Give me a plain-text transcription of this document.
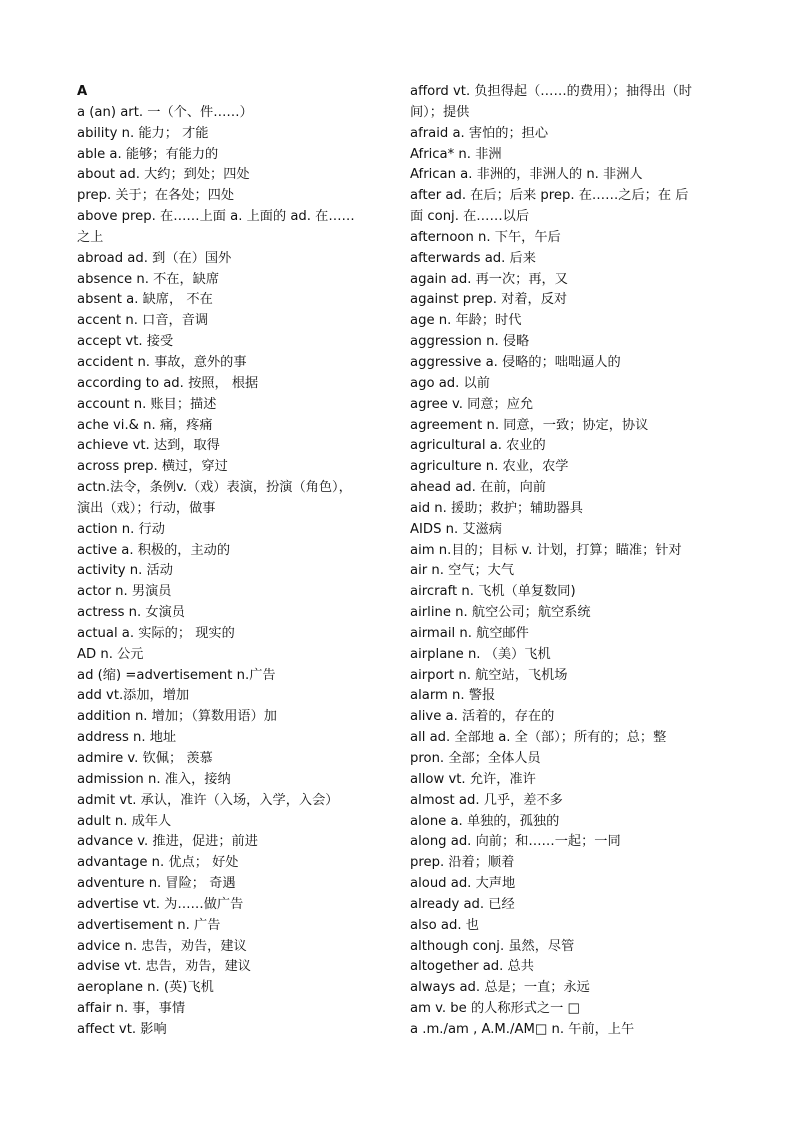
A
a (an) art. 一（个、件……）
ability n. 能力； 才能
able a. 能够；有能力的
about ad. 大约；到处；四处
prep. 关于；在各处；四处
above prep. 在……上面 a. 上面的 ad. 在……
之上
abroad ad. 到（在）国外
absence n. 不在，缺席
absent a. 缺席， 不在
accent n. 口音，音调
accept vt. 接受
accident n. 事故，意外的事
according to ad. 按照， 根据
account n. 账目；描述
ache vi.& n. 痛，疼痛
achieve vt. 达到，取得
across prep. 横过，穿过
actn.法令，条例v.（戏）表演，扮演（角色），
演出（戏）；行动，做事
action n. 行动
active a. 积极的，主动的
activity n. 活动
actor n. 男演员
actress n. 女演员
actual a. 实际的； 现实的
AD n. 公元
ad (缩) =advertisement n.广告
add vt.添加，增加
addition n. 增加；（算数用语）加
address n. 地址
admire v. 钦佩； 羡慕
admission n. 准入，接纳
admit vt. 承认，准许（入场，入学，入会）
adult n. 成年人
advance v. 推进，促进；前进
advantage n. 优点； 好处
adventure n. 冒险； 奇遇
advertise vt. 为……做广告
advertisement n. 广告
advice n. 忠告，劝告，建议
advise vt. 忠告，劝告，建议
aeroplane n. (英)飞机
affair n. 事，事情
affect vt. 影响
afford vt. 负担得起（……的费用）；抽得出（时
间）；提供
afraid a. 害怕的；担心
Africa* n. 非洲
African a. 非洲的，非洲人的 n. 非洲人
after ad. 在后；后来 prep. 在……之后；在 后
面 conj. 在……以后
afternoon n. 下午，午后
afterwards ad. 后来
again ad. 再一次；再，又
against prep. 对着，反对
age n. 年龄；时代
aggression n. 侵略
aggressive a. 侵略的；咄咄逼人的
ago ad. 以前
agree v. 同意；应允
agreement n. 同意，一致；协定，协议
agricultural a. 农业的
agriculture n. 农业，农学
ahead ad. 在前，向前
aid n. 援助；救护；辅助器具
AIDS n. 艾滋病
aim n.目的；目标 v. 计划，打算；瞄准；针对
air n. 空气；大气
aircraft n. 飞机（单复数同)
airline n. 航空公司；航空系统
airmail n. 航空邮件
airplane n. （美）飞机
airport n. 航空站，飞机场
alarm n. 警报
alive a. 活着的，存在的
all ad. 全部地 a. 全（部）；所有的；总；整
pron. 全部；全体人员
allow vt. 允许，准许
almost ad. 几乎，差不多
alone a. 单独的，孤独的
along ad. 向前；和……一起；一同
prep. 沿着；顺着
aloud ad. 大声地
already ad. 已经
also ad. 也
although conj. 虽然，尽管
altogether ad. 总共
always ad. 总是；一直；永远
am v. be 的人称形式之一 □
a .m./am , A.M./AM□ n. 午前，上午
